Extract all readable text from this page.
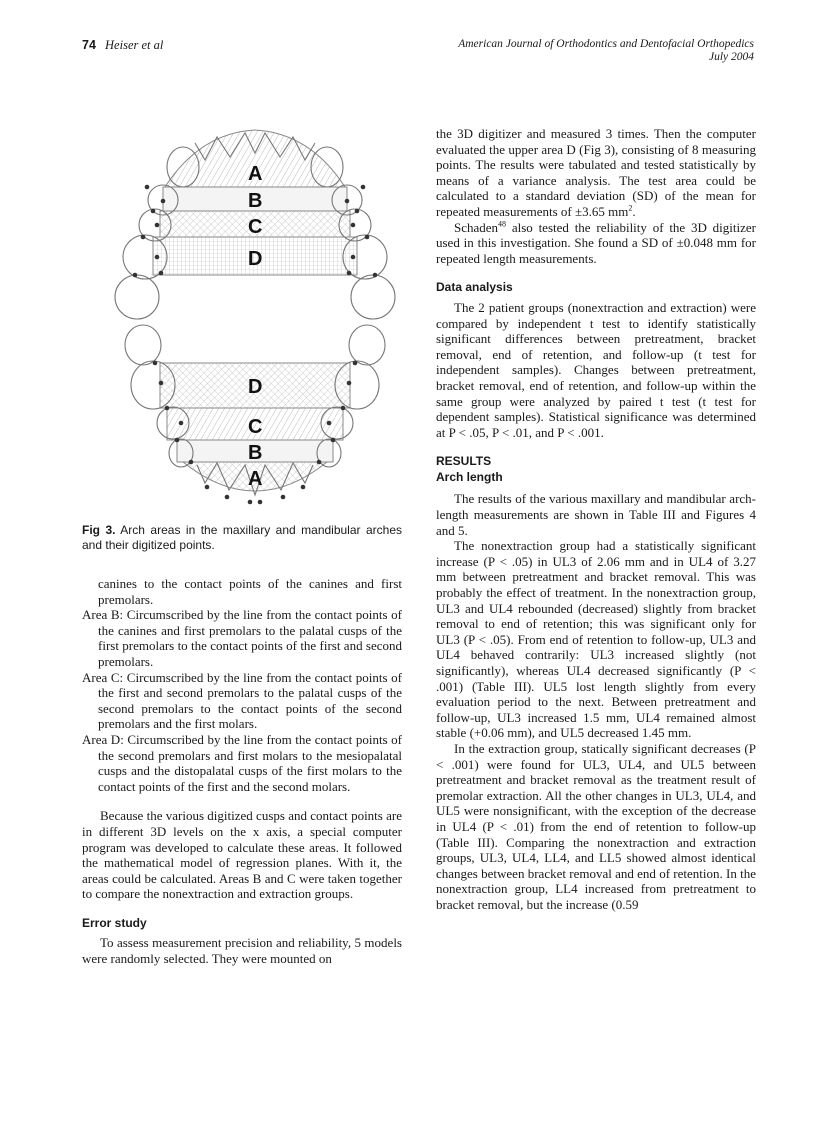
74 Heiser et al	American Journal of Orthodontics and Dentofacial Orthopedics
July 2004
A
B
C
D
D
C
B
A
Fig 3. Arch areas in the maxillary and mandibular arches and their digitized points.

canines to the contact points of the canines and first premolars.

Area B: Circumscribed by the line from the contact points of the canines and first premolars to the palatal cusps of the first premolars to the contact points of the first and second premolars.

Area C: Circumscribed by the line from the contact points of the first and second premolars to the palatal cusps of the second premolars to the contact points of the second premolars and the first molars.

Area D: Circumscribed by the line from the contact points of the second premolars and first molars to the mesiopalatal cusps and the distopalatal cusps of the first molars to the contact points of the first and the second molars.

Because the various digitized cusps and contact points are in different 3D levels on the x axis, a special computer program was developed to calculate these areas. It followed the mathematical model of regression planes. With it, the areas could be calculated. Areas B and C were taken together to compare the nonextraction and extraction groups.

Error study

To assess measurement precision and reliability, 5 models were randomly selected. They were mounted on

the 3D digitizer and measured 3 times. Then the computer evaluated the upper area D (Fig 3), consisting of 8 measuring points. The results were tabulated and tested statistically by means of a variance analysis. The test area could be calculated to a standard deviation (SD) of the mean for repeated measurements of ±3.65 $mm^2$.

Schaden$^{48}$ also tested the reliability of the 3D digitizer used in this investigation. She found a SD of ±0.048 mm for repeated length measurements.

Data analysis

The 2 patient groups (nonextraction and extraction) were compared by independent t test to identify statistically significant differences between pretreatment, bracket removal, end of retention, and follow-up (t test for independent samples). Changes between pretreatment, bracket removal, end of retention, and follow-up within the same group were analyzed by paired t test (t test for dependent samples). Statistical significance was determined at P < .05, P < .01, and P < .001.

RESULTS
Arch length

The results of the various maxillary and mandibular arch-length measurements are shown in Table III and Figures 4 and 5.

The nonextraction group had a statistically significant increase (P < .05) in UL3 of 2.06 mm and in UL4 of 3.27 mm between pretreatment and bracket removal. This was probably the effect of treatment. In the nonextraction group, UL3 and UL4 rebounded (decreased) slightly from bracket removal to end of retention; this was significant only for UL3 (P < .05). From end of retention to follow-up, UL3 and UL4 behaved contrarily: UL3 increased slightly (not significantly), whereas UL4 decreased significantly (P < .001) (Table III). UL5 lost length slightly from every evaluation period to the next. Between pretreatment and follow-up, UL3 increased 1.5 mm, UL4 remained almost stable (+0.06 mm), and UL5 decreased 1.45 mm.

In the extraction group, statically significant decreases (P < .001) were found for UL3, UL4, and UL5 between pretreatment and bracket removal as the treatment result of premolar extraction. All the other changes in UL3, UL4, and UL5 were nonsignificant, with the exception of the decrease in UL4 (P < .01) from the end of retention to follow-up (Table III). Comparing the nonextraction and extraction groups, UL3, UL4, LL4, and LL5 showed almost identical changes between bracket removal and end of retention. In the nonextraction group, LL4 increased from pretreatment to bracket removal, but the increase (0.59
